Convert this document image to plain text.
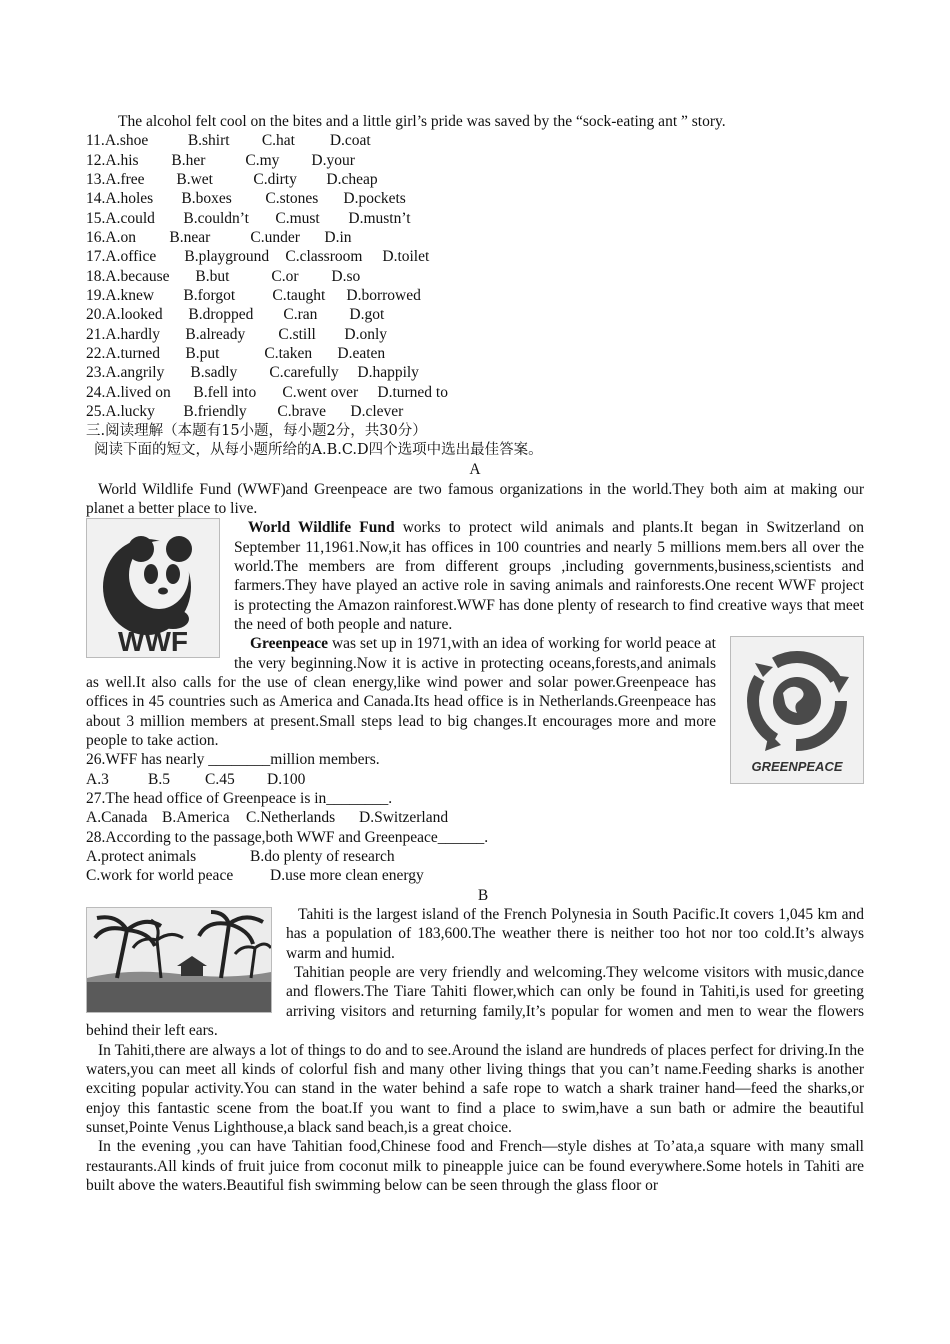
The alcohol felt cool on the bites and a little girl’s pride was saved by the “sock-eating ant ” story.
11.A.shoe	B.shirt C.hat D.coat
12.A.his B.her	C.my D.your
13.A.free B.wet	C.dirty D.cheap
14.A.holes B.boxes C.stones D.pockets
15.A.could B.couldn’t C.must D.mustn’t
16.A.on B.near	C.under D.in
17.A.office B.playground C.classroom D.toilet
18.A.because B.but	C.or D.so
19.A.knew B.forgot C.taught D.borrowed
20.A.looked B.dropped C.ran D.got
21.A.hardly B.already C.still D.only
22.A.turned B.put	C.taken D.eaten
23.A.angrily B.sadly C.carefully D.happily
24.A.lived on B.fell into C.went over D.turned to
25.A.lucky B.friendly C.brave D.clever
三.阅读理解（本题有15小题，每小题2分，共30分）
阅读下面的短文，从每小题所给的A.B.C.D四个选项中选出最佳答案。
A
World Wildlife Fund (WWF)and Greenpeace are two famous organizations in the world.They both aim at making our planet a better place to live.
WWF
World Wildlife Fund works to protect wild animals and plants.It began in Switzerland on September 11,1961.Now,it has offices in 100 countries and nearly 5 millions mem.bers all over the world.The members are from different groups ,including governments,business,scientists and farmers.They have played an active role in saving animals and rainforests.One recent WWF project is protecting the Amazon rainforest.WWF has done plenty of research to find creative ways that meet the need of both people and nature.
GREENPEACE
Greenpeace was set up in 1971,with an idea of working for world peace at the very beginning.Now it is active in protecting oceans,forests,and animals as well.It also calls for the use of clean energy,like wind power and solar power.Greenpeace has offices in 45 countries such as America and Canada.Its head office is in Netherlands.Greenpeace has about 3 million members at present.Small steps lead to big changes.It encourages more and more people to take action.
26.WFF has nearly ________million members.
A.3	B.5 C.45 D.100
27.The head office of Greenpeace is in________.
A.Canada B.America C.Netherlands D.Switzerland
28.According to the passage,both WWF and Greenpeace______.
A.protect animals	B.do plenty of research
C.work for world peace D.use more clean energy
B
Tahiti is the largest island of the French Polynesia in South Pacific.It covers 1,045 km and has a population of 183,600.The weather there is neither too hot nor too cold.It’s always warm and humid.
Tahitian people are very friendly and welcoming.They welcome visitors with music,dance and flowers.The Tiare Tahiti flower,which can only be found in Tahiti,is used for greeting arriving visitors and returning family,It’s popular for women and men to wear the flowers behind their left ears.
In Tahiti,there are always a lot of things to do and to see.Around the island are hundreds of places perfect for driving.In the waters,you can meet all kinds of colorful fish and many other living things that you can’t name.Feeding sharks is another exciting popular activity.You can stand in the water behind a safe rope to watch a shark trainer hand—feed the sharks,or enjoy this fantastic scene from the boat.If you want to find a place to swim,have a sun bath or admire the beautiful sunset,Pointe Venus Lighthouse,a black sand beach,is a great choice.
In the evening ,you can have Tahitian food,Chinese food and French—style dishes at To’ata,a square with many small restaurants.All kinds of fruit juice from coconut milk to pineapple juice can be found everywhere.Some hotels in Tahiti are built above the waters.Beautiful fish swimming below can be seen through the glass floor or
